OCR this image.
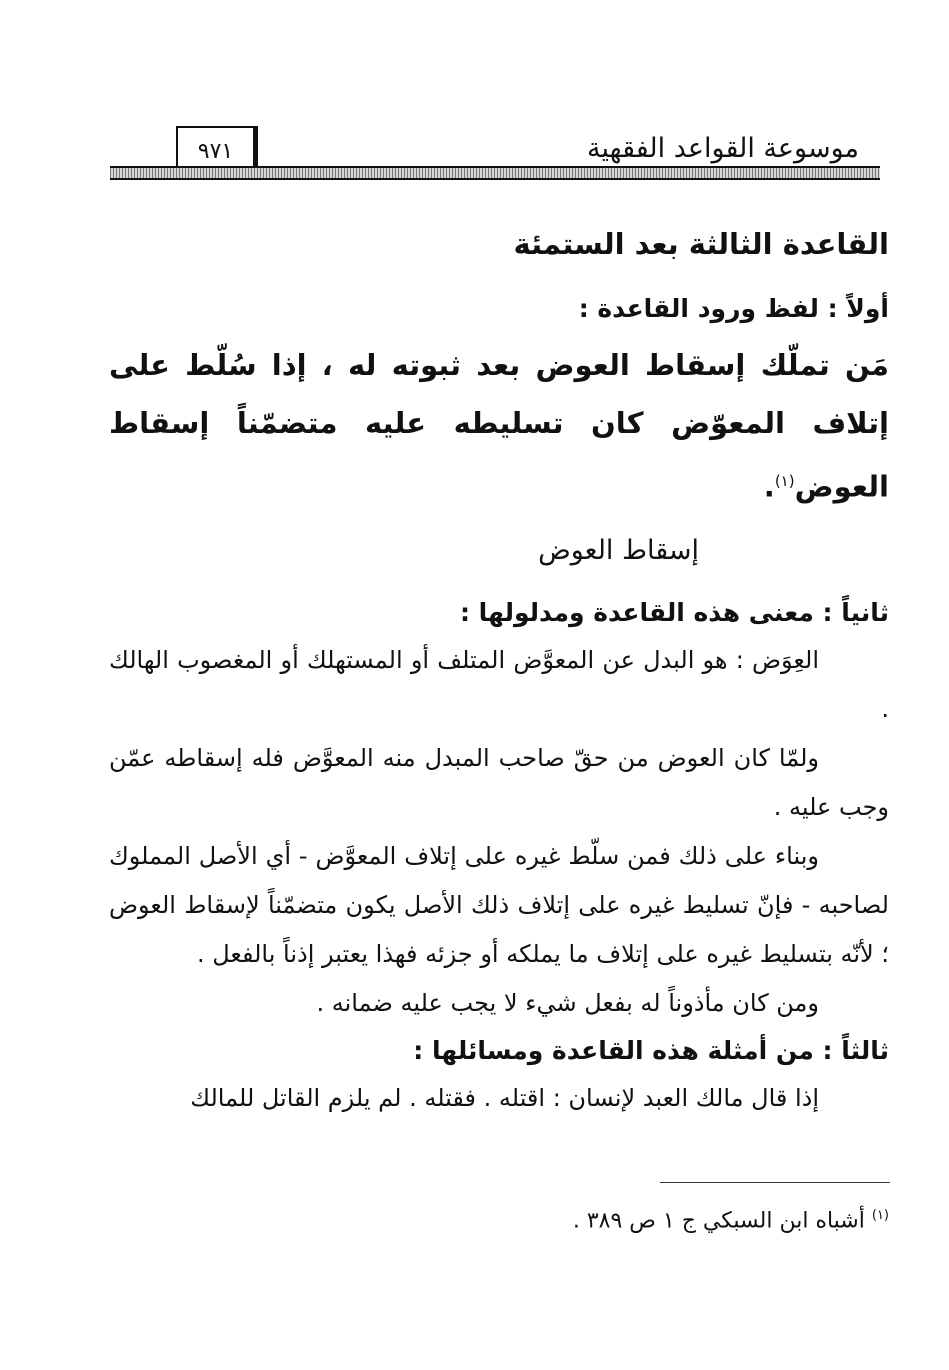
موسوعة القواعد الفقهية
٩٧١
القاعدة الثالثة بعد الستمئة
أولاً : لفظ ورود القاعدة :
مَن تملّك إسقاط العوض بعد ثبوته له ، إذا سُلّط على إتلاف المعوّض كان تسليطه عليه متضمّناً إسقاط العوض$^{(١)}$.
إسقاط العوض
ثانياً : معنى هذه القاعدة ومدلولها :

العِوَض : هو البدل عن المعوَّض المتلف أو المستهلك أو المغصوب الهالك .

ولمّا كان العوض من حقّ صاحب المبدل منه المعوَّض فله إسقاطه عمّن وجب عليه .

وبناء على ذلك فمن سلّط غيره على إتلاف المعوَّض - أي الأصل المملوك لصاحبه - فإنّ تسليط غيره على إتلاف ذلك الأصل يكون متضمّناً لإسقاط العوض ؛ لأنّه بتسليط غيره على إتلاف ما يملكه أو جزئه فهذا يعتبر إذناً بالفعل .

ومن كان مأذوناً له بفعل شيء لا يجب عليه ضمانه .

ثالثاً : من أمثلة هذه القاعدة ومسائلها :

إذا قال مالك العبد لإنسان : اقتله . فقتله . لم يلزم القاتل للمالك

$^{(١)}$ أشباه ابن السبكي ج ١ ص ٣٨٩ .
